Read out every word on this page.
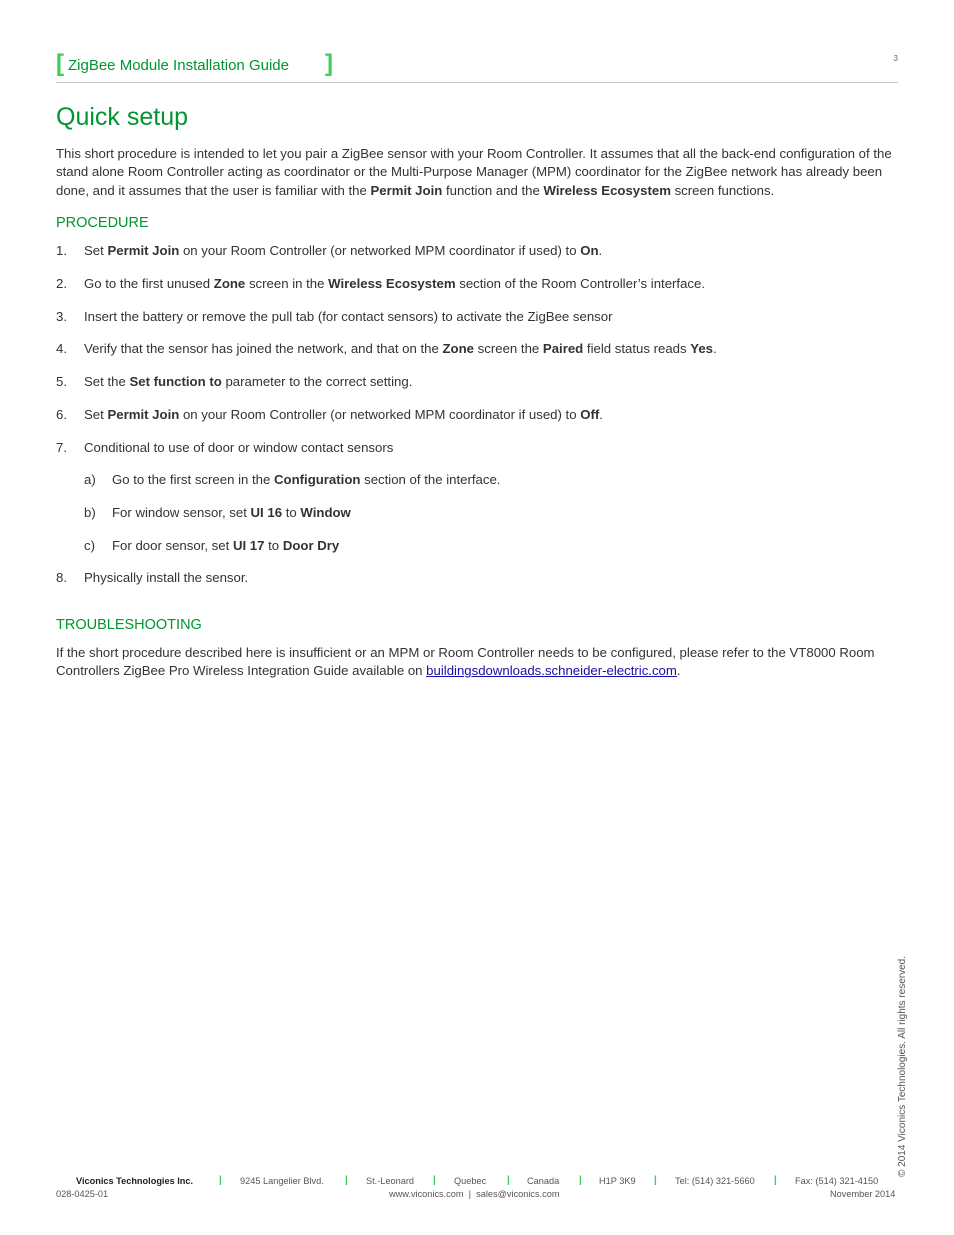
[ ZigBee Module Installation Guide ]	3
Quick setup

This short procedure is intended to let you pair a ZigBee sensor with your Room Controller. It assumes that all the back-end configuration of the stand alone Room Controller acting as coordinator or the Multi-Purpose Manager (MPM) coordinator for the ZigBee network has already been done, and it assumes that the user is familiar with the Permit Join function and the Wireless Ecosystem screen functions.

PROCEDURE
1. Set Permit Join on your Room Controller (or networked MPM coordinator if used) to On.
2. Go to the first unused Zone screen in the Wireless Ecosystem section of the Room Controller’s interface.
3. Insert the battery or remove the pull tab (for contact sensors) to activate the ZigBee sensor
4. Verify that the sensor has joined the network, and that on the Zone screen the Paired field status reads Yes.
5. Set the Set function to parameter to the correct setting.
6. Set Permit Join on your Room Controller (or networked MPM coordinator if used) to Off.
7. Conditional to use of door or window contact sensors
a) Go to the first screen in the Configuration section of the interface.
b) For window sensor, set UI 16 to Window
c) For door sensor, set UI 17 to Door Dry
8. Physically install the sensor.
TROUBLESHOOTING

If the short procedure described here is insufficient or an MPM or Room Controller needs to be configured, please refer to the VT8000 Room Controllers ZigBee Pro Wireless Integration Guide available on buildingsdownloads.schneider-electric.com.

© 2014 Viconics Technologies. All rights reserved.
Viconics Technologies Inc.	| 9245 Langelier Blvd. | St.-Leonard | Quebec | Canada | H1P 3K9 | Tel: (514) 321-5660 | Fax: (514) 321-4150
028-0425-01	www.viconics.com | sales@viconics.com	November 2014
